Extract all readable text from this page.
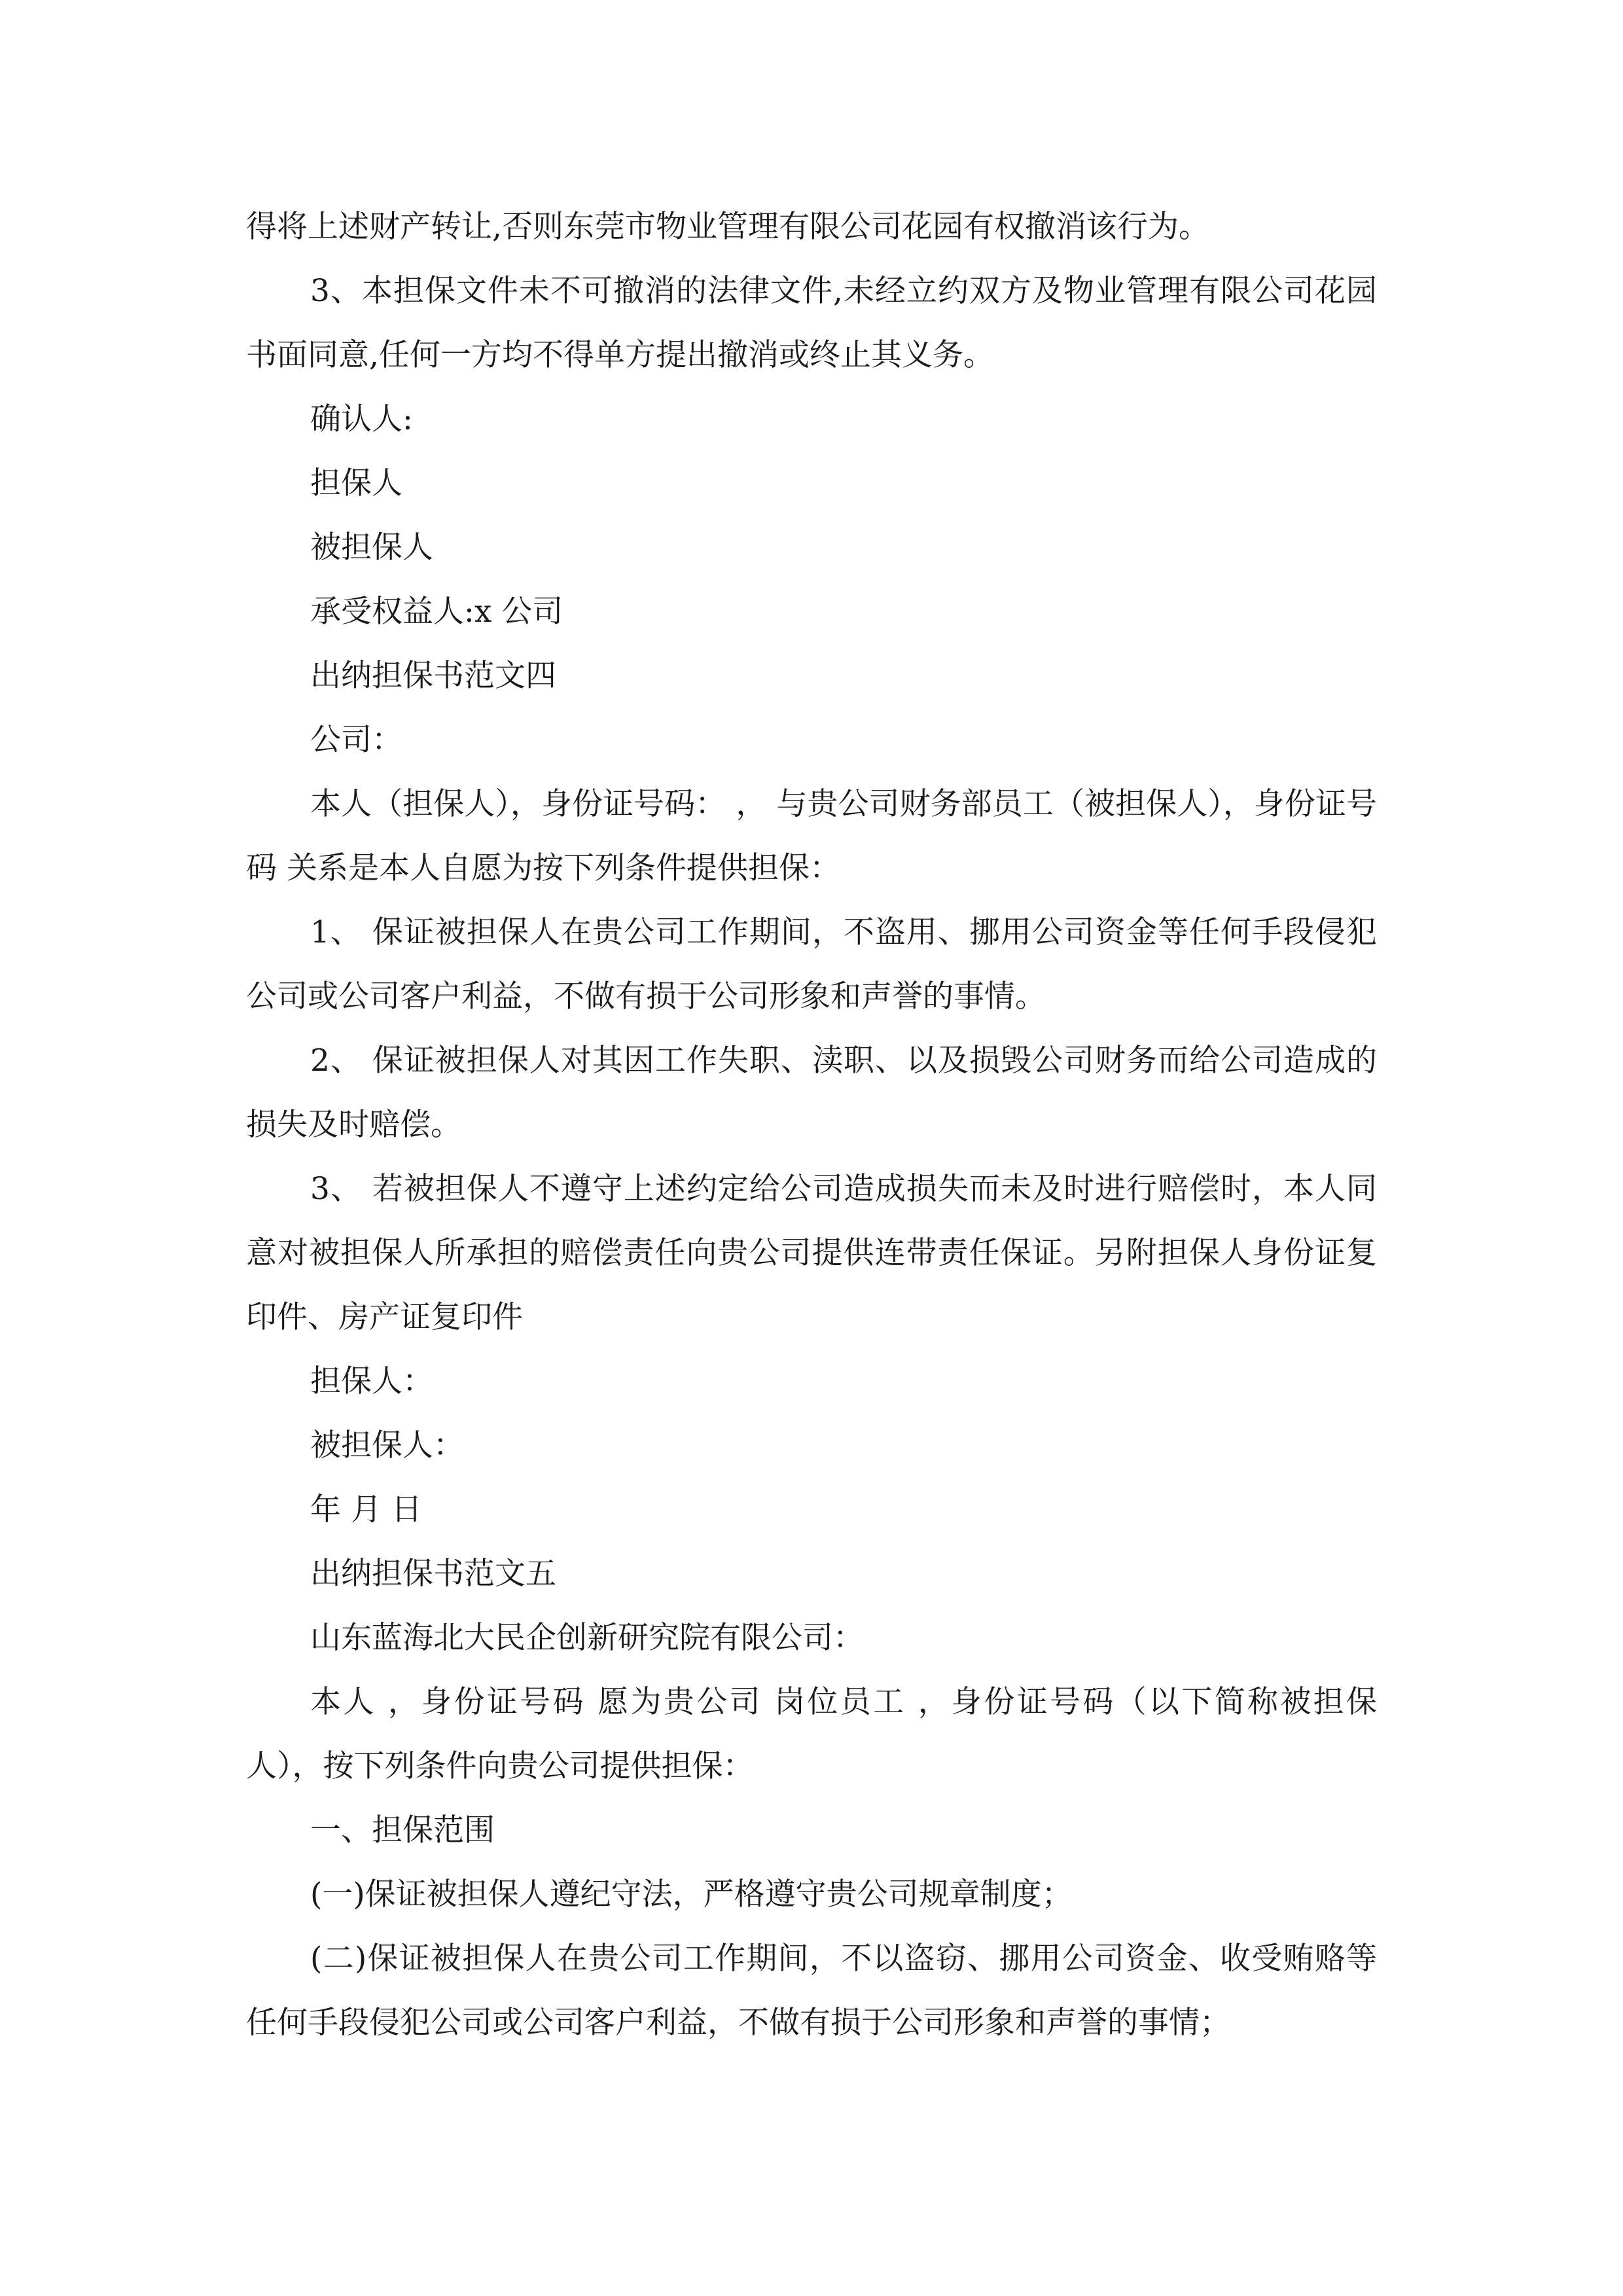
得将上述财产转让,否则东莞市物业管理有限公司花园有权撤消该行为。

3、本担保文件未不可撤消的法律文件,未经立约双方及物业管理有限公司花园书面同意,任何一方均不得单方提出撤消或终止其义务。

确认人:

担保人

被担保人

承受权益人:x 公司

出纳担保书范文四

公司：

本人（担保人），身份证号码： ， 与贵公司财务部员工（被担保人），身份证号码 关系是本人自愿为按下列条件提供担保：

1、 保证被担保人在贵公司工作期间，不盗用、挪用公司资金等任何手段侵犯公司或公司客户利益，不做有损于公司形象和声誉的事情。

2、 保证被担保人对其因工作失职、渎职、以及损毁公司财务而给公司造成的损失及时赔偿。

3、 若被担保人不遵守上述约定给公司造成损失而未及时进行赔偿时，本人同意对被担保人所承担的赔偿责任向贵公司提供连带责任保证。另附担保人身份证复印件、房产证复印件

担保人：

被担保人：

年 月 日

出纳担保书范文五

山东蓝海北大民企创新研究院有限公司：

本人 ，身份证号码 愿为贵公司 岗位员工 ，身份证号码（以下简称被担保人），按下列条件向贵公司提供担保：

一、担保范围

(一)保证被担保人遵纪守法，严格遵守贵公司规章制度；

(二)保证被担保人在贵公司工作期间，不以盗窃、挪用公司资金、收受贿赂等任何手段侵犯公司或公司客户利益，不做有损于公司形象和声誉的事情；
